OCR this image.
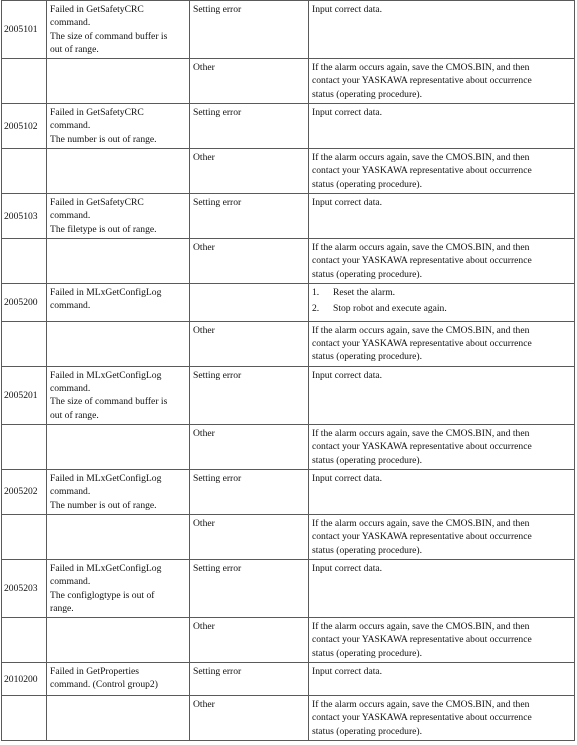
2005101	Failed in GetSafetyCRC
command.
The size of command buffer is
out of range.	Setting error	Input correct data.

		Other	If the alarm occurs again, save the CMOS.BIN, and then
contact your YASKAWA representative about occurrence
status (operating procedure).

2005102	Failed in GetSafetyCRC
command.
The number is out of range.	Setting error	Input correct data.

		Other	If the alarm occurs again, save the CMOS.BIN, and then
contact your YASKAWA representative about occurrence
status (operating procedure).

2005103	Failed in GetSafetyCRC
command.
The filetype is out of range.	Setting error	Input correct data.

		Other	If the alarm occurs again, save the CMOS.BIN, and then
contact your YASKAWA representative about occurrence
status (operating procedure).

2005200	Failed in MLxGetConfigLog
command.		1. Reset the alarm.
2. Stop robot and execute again.

		Other	If the alarm occurs again, save the CMOS.BIN, and then
contact your YASKAWA representative about occurrence
status (operating procedure).

2005201	Failed in MLxGetConfigLog
command.
The size of command buffer is
out of range.	Setting error	Input correct data.

		Other	If the alarm occurs again, save the CMOS.BIN, and then
contact your YASKAWA representative about occurrence
status (operating procedure).

2005202	Failed in MLxGetConfigLog
command.
The number is out of range.	Setting error	Input correct data.

		Other	If the alarm occurs again, save the CMOS.BIN, and then
contact your YASKAWA representative about occurrence
status (operating procedure).

2005203	Failed in MLxGetConfigLog
command.
The configlogtype is out of
range.	Setting error	Input correct data.

		Other	If the alarm occurs again, save the CMOS.BIN, and then
contact your YASKAWA representative about occurrence
status (operating procedure).

2010200	Failed in GetProperties
command. (Control group2)	Setting error	Input correct data.

		Other	If the alarm occurs again, save the CMOS.BIN, and then
contact your YASKAWA representative about occurrence
status (operating procedure).
